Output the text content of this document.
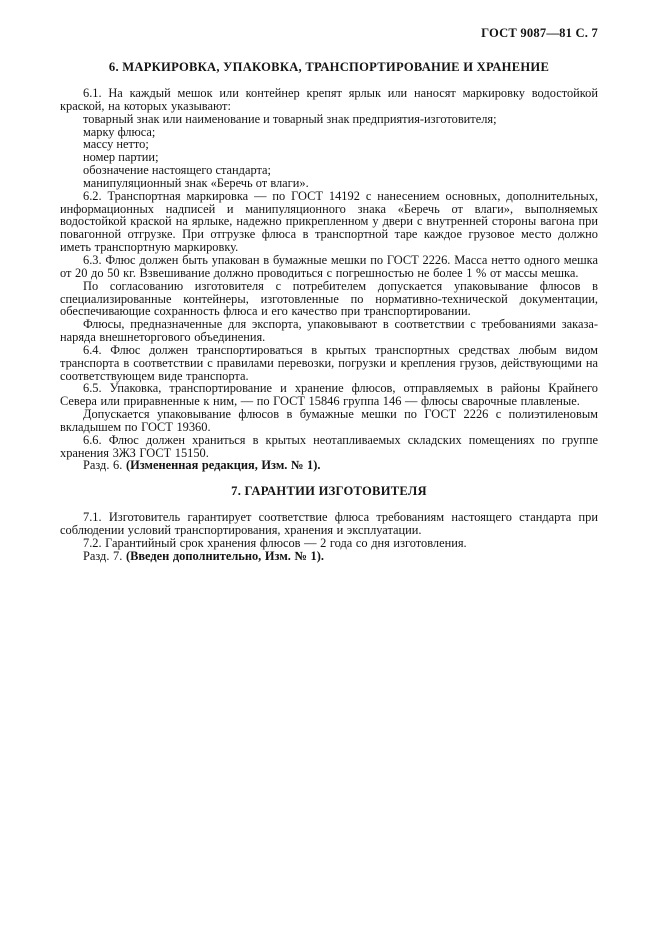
ГОСТ 9087—81 С. 7
6. МАРКИРОВКА, УПАКОВКА, ТРАНСПОРТИРОВАНИЕ И ХРАНЕНИЕ

6.1. На каждый мешок или контейнер крепят ярлык или наносят маркировку водостойкой краской, на которых указывают:

товарный знак или наименование и товарный знак предприятия-изготовителя;
марку флюса;
массу нетто;
номер партии;
обозначение настоящего стандарта;
манипуляционный знак «Беречь от влаги».

6.2. Транспортная маркировка — по ГОСТ 14192 с нанесением основных, дополнительных, информационных надписей и манипуляционного знака «Беречь от влаги», выполняемых водостойкой краской на ярлыке, надежно прикрепленном у двери с внутренней стороны вагона при повагонной отгрузке. При отгрузке флюса в транспортной таре каждое грузовое место должно иметь транспортную маркировку.

6.3. Флюс должен быть упакован в бумажные мешки по ГОСТ 2226. Масса нетто одного мешка от 20 до 50 кг. Взвешивание должно проводиться с погрешностью не более 1 % от массы мешка.

По согласованию изготовителя с потребителем допускается упаковывание флюсов в специализированные контейнеры, изготовленные по нормативно-технической документации, обеспечивающие сохранность флюса и его качество при транспортировании.

Флюсы, предназначенные для экспорта, упаковывают в соответствии с требованиями заказа-наряда внешнеторгового объединения.

6.4. Флюс должен транспортироваться в крытых транспортных средствах любым видом транспорта в соответствии с правилами перевозки, погрузки и крепления грузов, действующими на соответствующем виде транспорта.

6.5. Упаковка, транспортирование и хранение флюсов, отправляемых в районы Крайнего Севера или приравненные к ним, — по ГОСТ 15846 группа 146 — флюсы сварочные плавленые.

Допускается упаковывание флюсов в бумажные мешки по ГОСТ 2226 с полиэтиленовым вкладышем по ГОСТ 19360.

6.6. Флюс должен храниться в крытых неотапливаемых складских помещениях по группе хранения 3ЖЗ ГОСТ 15150.

Разд. 6. (Измененная редакция, Изм. № 1).

7. ГАРАНТИИ ИЗГОТОВИТЕЛЯ

7.1. Изготовитель гарантирует соответствие флюса требованиям настоящего стандарта при соблюдении условий транспортирования, хранения и эксплуатации.

7.2. Гарантийный срок хранения флюсов — 2 года со дня изготовления.

Разд. 7. (Введен дополнительно, Изм. № 1).
